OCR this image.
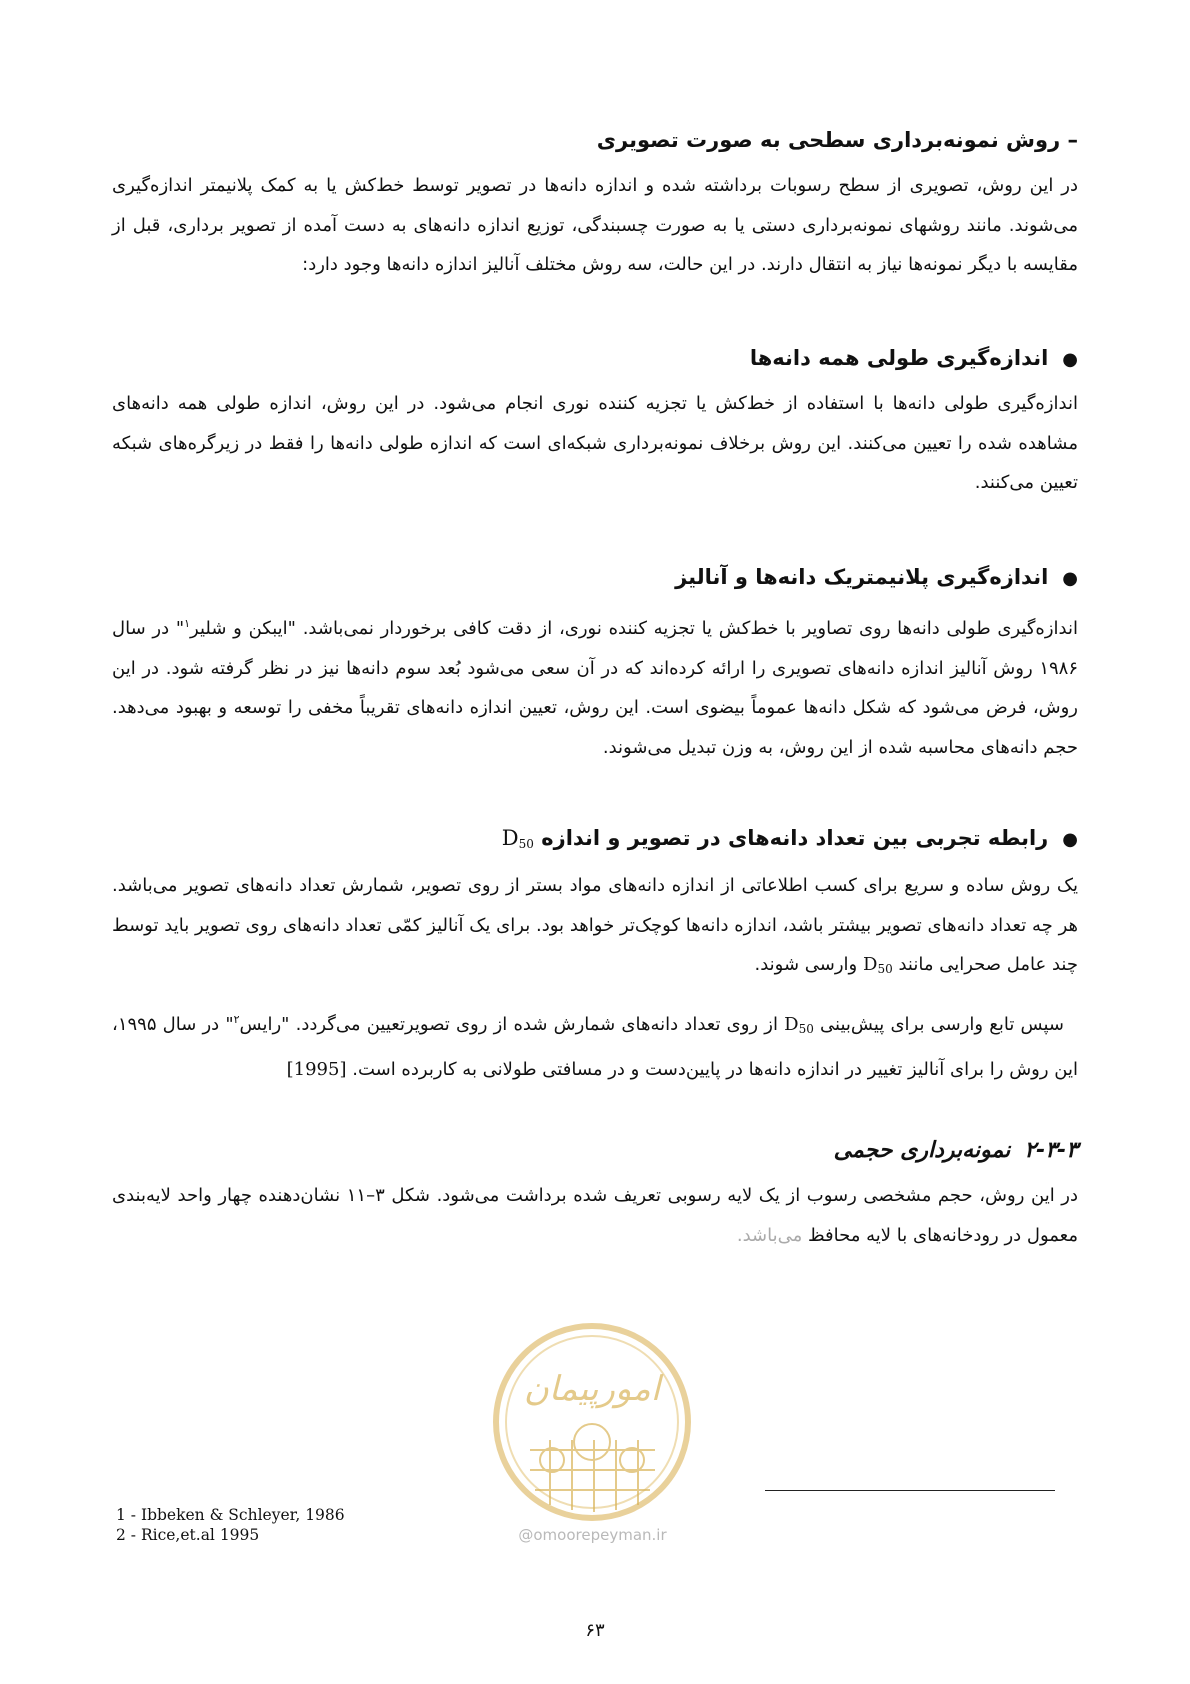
– روش نمونه‌برداری سطحی به صورت تصویری
در این روش، تصویری از سطح رسوبات برداشته شده و اندازه دانه‌ها در تصویر توسط خط‌کش یا به کمک پلانیمتر اندازه‌گیری می‌شوند. مانند روشهای نمونه‌برداری دستی یا به صورت چسبندگی، توزیع اندازه دانه‌های به دست آمده از تصویر برداری، قبل از مقایسه با دیگر نمونه‌ها نیاز به انتقال دارند. در این حالت، سه روش مختلف آنالیز اندازه دانه‌ها وجود دارد:
●اندازه‌گیری طولی همه دانه‌ها
اندازه‌گیری طولی دانه‌ها با استفاده از خط‌کش یا تجزیه کننده نوری انجام می‌شود. در این روش، اندازه طولی همه دانه‌های مشاهده شده را تعیین می‌کنند. این روش برخلاف نمونه‌برداری شبکه‌ای است که اندازه طولی دانه‌ها را فقط در زیرگره‌های شبکه تعیین می‌کنند.
●اندازه‌گیری پلانیمتریک دانه‌ها و آنالیز
اندازه‌گیری طولی دانه‌ها روی تصاویر با خط‌کش یا تجزیه کننده نوری، از دقت کافی برخوردار نمی‌باشد. "ایبکن و شلیر$^۱$" در سال ۱۹۸۶ روش آنالیز اندازه دانه‌های تصویری را ارائه کرده‌اند که در آن سعی می‌شود بُعد سوم دانه‌ها نیز در نظر گرفته شود. در این روش، فرض می‌شود که شکل دانه‌ها عموماً بیضوی است. این روش، تعیین اندازه دانه‌های تقریباً مخفی را توسعه و بهبود می‌دهد. حجم دانه‌های محاسبه شده از این روش، به وزن تبدیل می‌شوند.
●رابطه تجربی بین تعداد دانه‌های در تصویر و اندازه $D_{50}$
یک روش ساده و سریع برای کسب اطلاعاتی از اندازه دانه‌های مواد بستر از روی تصویر، شمارش تعداد دانه‌های تصویر می‌باشد. هر چه تعداد دانه‌های تصویر بیشتر باشد، اندازه دانه‌ها کوچک‌تر خواهد بود. برای یک آنالیز کمّی تعداد دانه‌های روی تصویر باید توسط چند عامل صحرایی مانند $D_{50}$ وارسی شوند.
سپس تابع وارسی برای پیش‌بینی $D_{50}$ از روی تعداد دانه‌های شمارش شده از روی تصویرتعیین می‌گردد. "رایس$^۲$" در سال ۱۹۹۵، این روش را برای آنالیز تغییر در اندازه دانه‌ها در پایین‌دست و در مسافتی طولانی به کاربرده است. [1995]
۲-۳-۳نمونه‌برداری حجمی
در این روش، حجم مشخصی رسوب از یک لایه رسوبی تعریف شده برداشت می‌شود. شکل ۳–۱۱ نشان‌دهنده چهار واحد لایه‌بندی معمول در رودخانه‌های با لایه محافظ می‌باشد.
امورپیمان
@omoorepeyman.ir
1 - Ibbeken & Schleyer, 1986
2 - Rice,et.al 1995
۶۳
